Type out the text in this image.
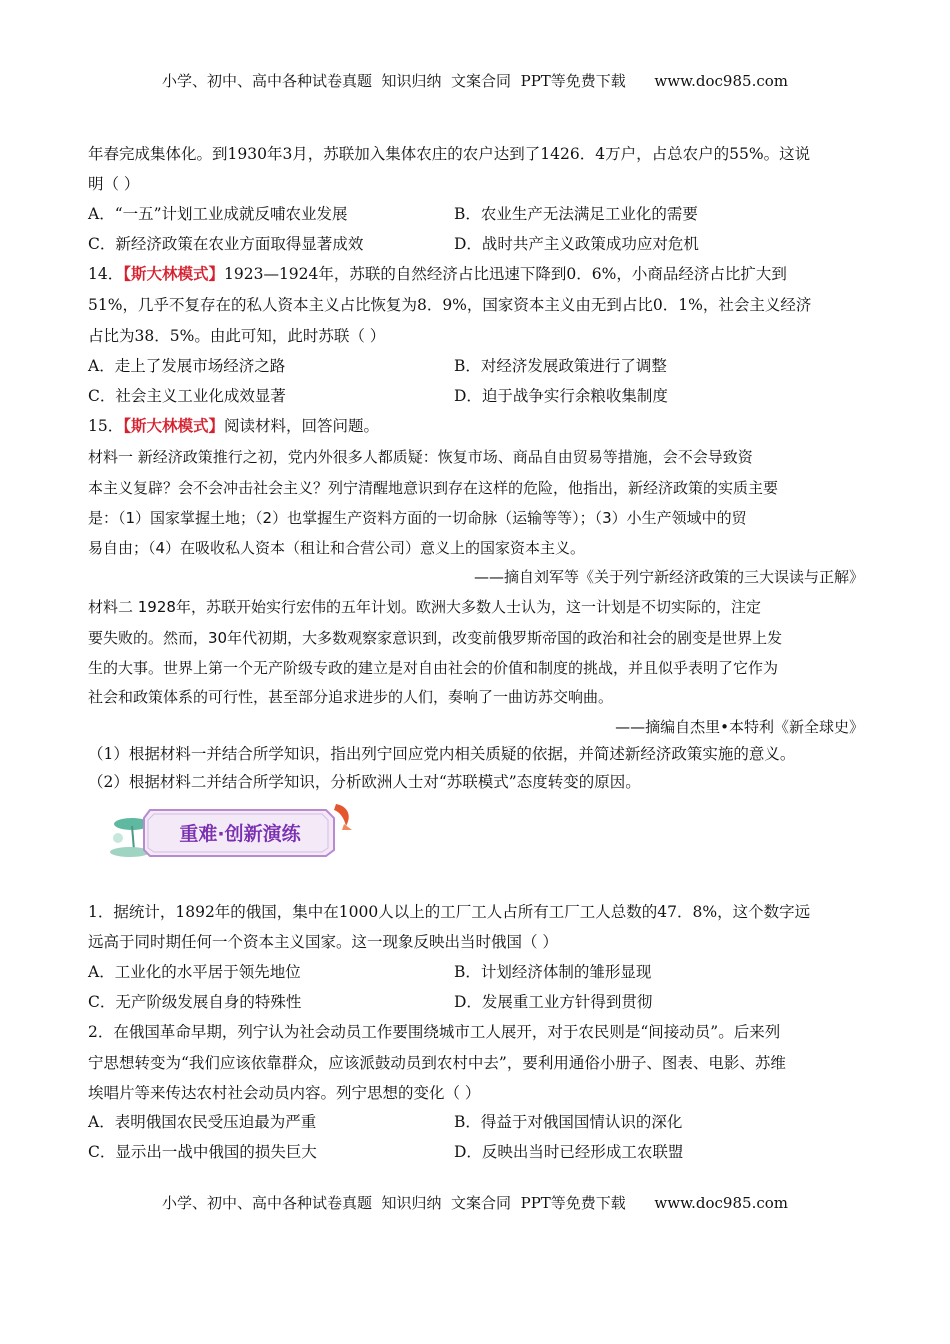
小学、初中、高中各种试卷真题  知识归纳  文案合同  PPT等免费下载      www.doc985.com
年春完成集体化。到1930年3月，苏联加入集体农庄的农户达到了1426．4万户，占总农户的55%。这说
明（ ）
A．“一五”计划工业成就反哺农业发展	B．农业生产无法满足工业化的需要
C．新经济政策在农业方面取得显著成效	D．战时共产主义政策成功应对危机
14．【斯大林模式】1923—1924年，苏联的自然经济占比迅速下降到0．6%，小商品经济占比扩大到
51%，几乎不复存在的私人资本主义占比恢复为8．9%，国家资本主义由无到占比0．1%，社会主义经济
占比为38．5%。由此可知，此时苏联（ ）
A．走上了发展市场经济之路	B．对经济发展政策进行了调整
C．社会主义工业化成效显著	D．迫于战争实行余粮收集制度
15．【斯大林模式】阅读材料，回答问题。
材料一 新经济政策推行之初，党内外很多人都质疑：恢复市场、商品自由贸易等措施，会不会导致资
本主义复辟？会不会冲击社会主义？列宁清醒地意识到存在这样的危险，他指出，新经济政策的实质主要
是：（1）国家掌握土地；（2）也掌握生产资料方面的一切命脉（运输等等）；（3）小生产领域中的贸
易自由；（4）在吸收私人资本（租让和合营公司）意义上的国家资本主义。
——摘自刘军等《关于列宁新经济政策的三大误读与正解》
材料二 1928年，苏联开始实行宏伟的五年计划。欧洲大多数人士认为，这一计划是不切实际的，注定
要失败的。然而，30年代初期，大多数观察家意识到，改变前俄罗斯帝国的政治和社会的剧变是世界上发
生的大事。世界上第一个无产阶级专政的建立是对自由社会的价值和制度的挑战，并且似乎表明了它作为
社会和政策体系的可行性，甚至部分追求进步的人们，奏响了一曲访苏交响曲。
——摘编自杰里•本特利《新全球史》
（1）根据材料一并结合所学知识，指出列宁回应党内相关质疑的依据，并简述新经济政策实施的意义。
（2）根据材料二并结合所学知识，分析欧洲人士对“苏联模式”态度转变的原因。
1．据统计，1892年的俄国，集中在1000人以上的工厂工人占所有工厂工人总数的47．8%，这个数字远
远高于同时期任何一个资本主义国家。这一现象反映出当时俄国（ ）
A．工业化的水平居于领先地位	B．计划经济体制的雏形显现
C．无产阶级发展自身的特殊性	D．发展重工业方针得到贯彻
2．在俄国革命早期，列宁认为社会动员工作要围绕城市工人展开，对于农民则是“间接动员”。后来列
宁思想转变为“我们应该依靠群众，应该派鼓动员到农村中去”，要利用通俗小册子、图表、电影、苏维
埃唱片等来传达农村社会动员内容。列宁思想的变化（ ）
A．表明俄国农民受压迫最为严重	B．得益于对俄国国情认识的深化
C．显示出一战中俄国的损失巨大	D．反映出当时已经形成工农联盟
重难·创新演练
小学、初中、高中各种试卷真题  知识归纳  文案合同  PPT等免费下载      www.doc985.com
